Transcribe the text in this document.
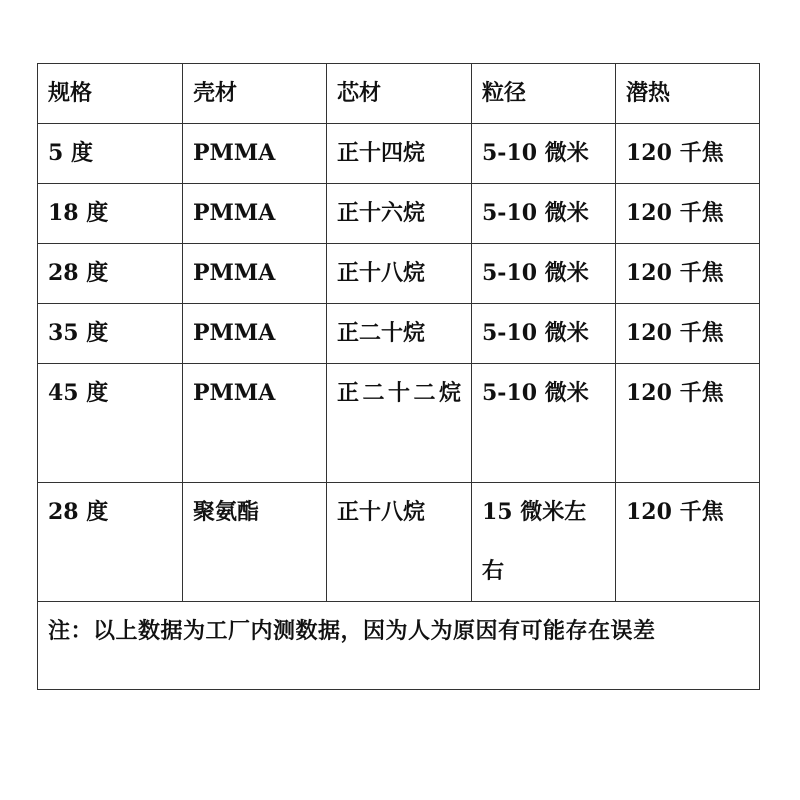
规格	壳材	芯材	粒径	潜热
5 度	PMMA	正十四烷	5-10 微米	120 千焦
18 度	PMMA	正十六烷	5-10 微米	120 千焦
28 度	PMMA	正十八烷	5-10 微米	120 千焦
35 度	PMMA	正二十烷	5-10 微米	120 千焦
45 度	PMMA	正二十二烷	5-10 微米	120 千焦
28 度	聚氨酯	正十八烷	15 微米左右	120 千焦
注：以上数据为工厂内测数据，因为人为原因有可能存在误差				
